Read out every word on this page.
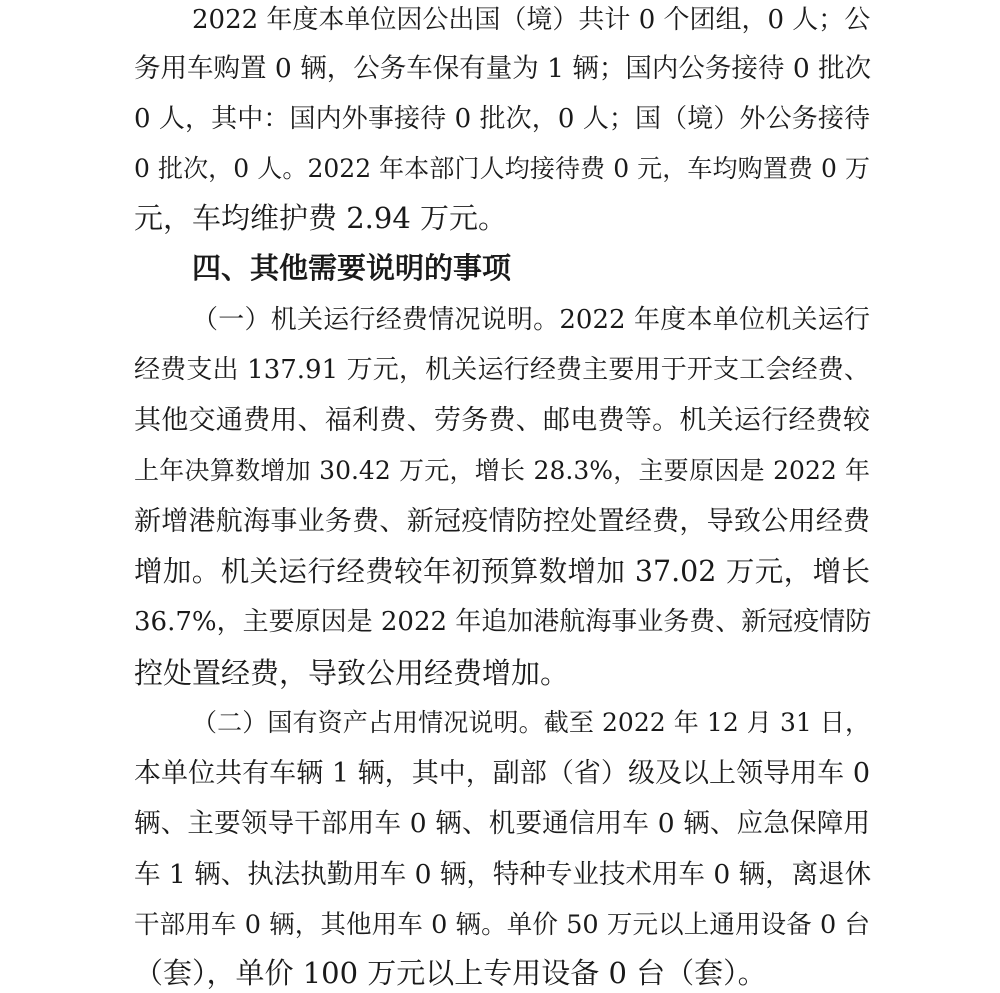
2022 年度本单位因公出国（境）共计 0 个团组，0 人；公
务用车购置 0 辆，公务车保有量为 1 辆；国内公务接待 0 批次
0 人，其中：国内外事接待 0 批次，0 人；国（境）外公务接待
0 批次，0 人。2022 年本部门人均接待费 0 元，车均购置费 0 万
元，车均维护费 2.94 万元。
四、其他需要说明的事项
（一）机关运行经费情况说明。2022 年度本单位机关运行
经费支出 137.91 万元，机关运行经费主要用于开支工会经费、
其他交通费用、福利费、劳务费、邮电费等。机关运行经费较
上年决算数增加 30.42 万元，增长 28.3%，主要原因是 2022 年
新增港航海事业务费、新冠疫情防控处置经费，导致公用经费
增加。机关运行经费较年初预算数增加 37.02 万元，增长
36.7%，主要原因是 2022 年追加港航海事业务费、新冠疫情防
控处置经费，导致公用经费增加。
（二）国有资产占用情况说明。截至 2022 年 12 月 31 日，
本单位共有车辆 1 辆，其中，副部（省）级及以上领导用车 0
辆、主要领导干部用车 0 辆、机要通信用车 0 辆、应急保障用
车 1 辆、执法执勤用车 0 辆，特种专业技术用车 0 辆，离退休
干部用车 0 辆，其他用车 0 辆。单价 50 万元以上通用设备 0 台
（套），单价 100 万元以上专用设备 0 台（套）。
